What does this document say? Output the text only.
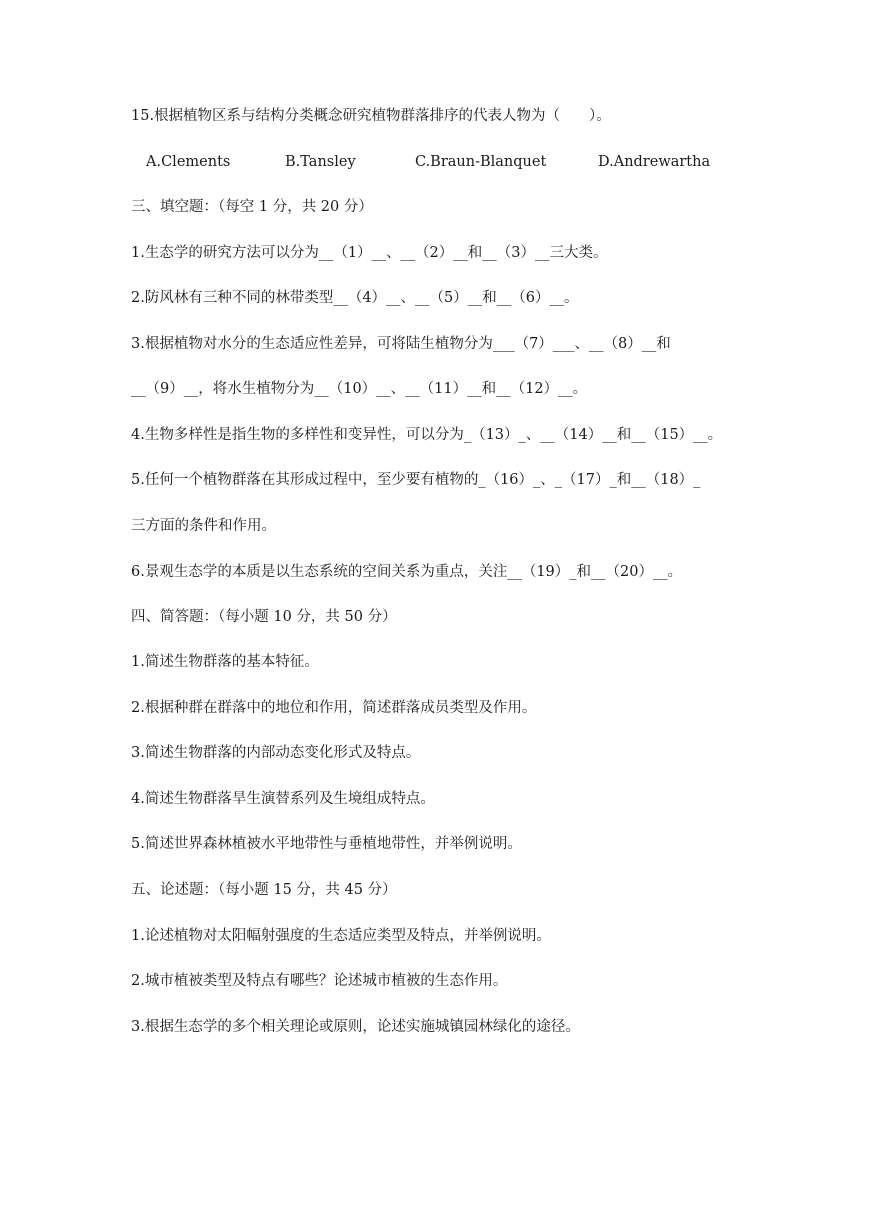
15.根据植物区系与结构分类概念研究植物群落排序的代表人物为（　　）。
A.Clements	B.Tansley	C.Braun-Blanquet	D.Andrewartha
三、填空题：（每空 1 分，共 20 分）
1.生态学的研究方法可以分为__（1）__、__（2）__和__（3）__三大类。
2.防风林有三种不同的林带类型__（4）__、__（5）__和__（6）__。
3.根据植物对水分的生态适应性差异，可将陆生植物分为___（7）___、__（8）__和
__（9）__，将水生植物分为__（10）__、__（11）__和__（12）__。
4.生物多样性是指生物的多样性和变异性，可以分为_（13）_、__（14）__和__（15）__。
5.任何一个植物群落在其形成过程中，至少要有植物的_（16）_、_（17）_和__（18）_
三方面的条件和作用。
6.景观生态学的本质是以生态系统的空间关系为重点，关注__（19）_和__（20）__。
四、简答题：（每小题 10 分，共 50 分）
1.简述生物群落的基本特征。
2.根据种群在群落中的地位和作用，简述群落成员类型及作用。
3.简述生物群落的内部动态变化形式及特点。
4.简述生物群落旱生演替系列及生境组成特点。
5.简述世界森林植被水平地带性与垂植地带性，并举例说明。
五、论述题：（每小题 15 分，共 45 分）
1.论述植物对太阳幅射强度的生态适应类型及特点，并举例说明。
2.城市植被类型及特点有哪些？论述城市植被的生态作用。
3.根据生态学的多个相关理论或原则，论述实施城镇园林绿化的途径。
